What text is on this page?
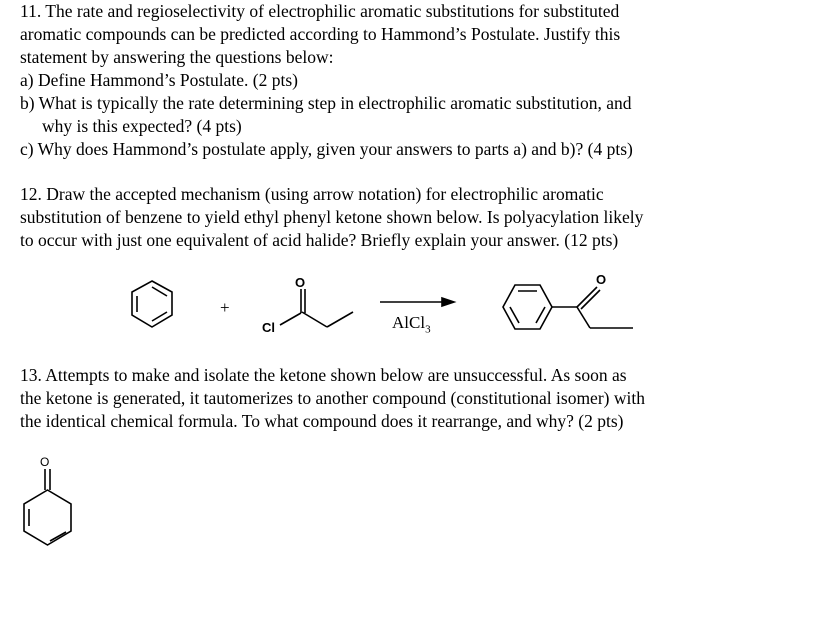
11. The rate and regioselectivity of electrophilic aromatic substitutions for substituted
aromatic compounds can be predicted according to Hammond’s Postulate. Justify this
statement by answering the questions below:
a) Define Hammond’s Postulate. (2 pts)
b) What is typically the rate determining step in electrophilic aromatic substitution, and
why is this expected? (4 pts)
c) Why does Hammond’s postulate apply, given your answers to parts a) and b)? (4 pts)
12. Draw the accepted mechanism (using arrow notation) for electrophilic aromatic
substitution of benzene to yield ethyl phenyl ketone shown below. Is polyacylation likely
to occur with just one equivalent of acid halide? Briefly explain your answer. (12 pts)
+
O
Cl	AlCl$_3$
O
13. Attempts to make and isolate the ketone shown below are unsuccessful. As soon as
the ketone is generated, it tautomerizes to another compound (constitutional isomer) with
the identical chemical formula. To what compound does it rearrange, and why? (2 pts)
O
